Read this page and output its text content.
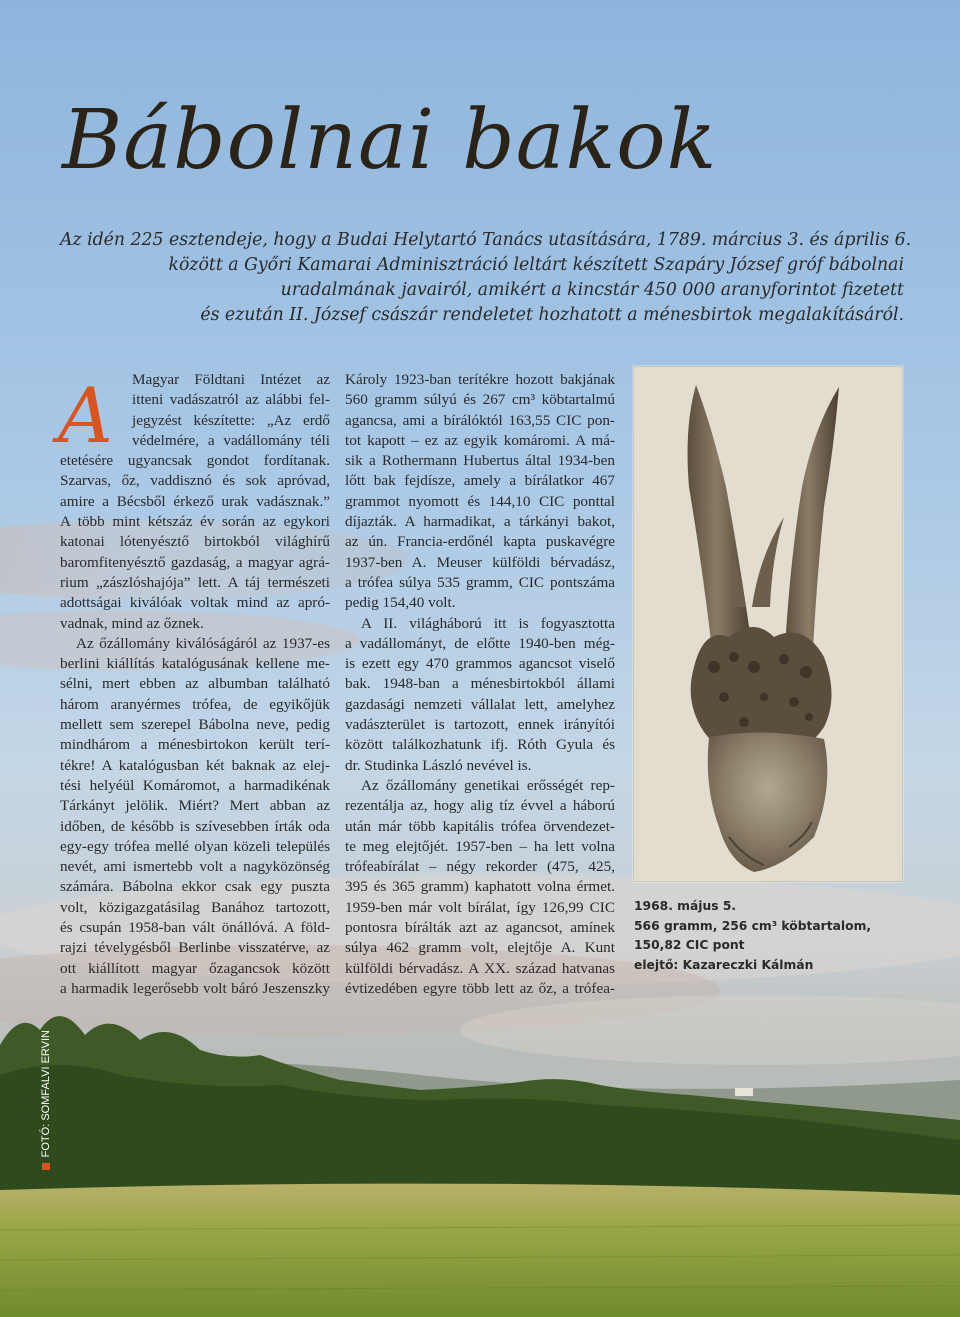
Bábolnai bakok

Az idén 225 esztendeje, hogy a Budai Helytartó Tanács utasítására, 1789. március 3. és április 6.
között a Győri Kamarai Adminisztráció leltárt készített Szapáry József gróf bábolnai
uradalmának javairól, amikért a kincstár 450 000 aranyforintot fizetett
és ezután II. József császár rendeletet hozhatott a ménesbirtok megalakításáról.

A	Magyar Földtani Intézet az
itteni vadászatról az alábbi fel-
jegyzést készítette: „Az erdő
védelmére, a vadállomány téli
etetésére ugyancsak gondot fordítanak.
Szarvas, őz, vaddisznó és sok apróvad,
amire a Bécsből érkező urak vadásznak.”
A több mint kétszáz év során az egykori
katonai lótenyésztő birtokból világhírű
baromfitenyésztő gazdaság, a magyar agrá-
rium „zászlóshajója” lett. A táj természeti
adottságai kiválóak voltak mind az apró-
vadnak, mind az őznek.
Az őzállomány kiválóságáról az 1937-es
berlini kiállítás katalógusának kellene me-
sélni, mert ebben az albumban található
három aranyérmes trófea, de egyikőjük
mellett sem szerepel Bábolna neve, pedig
mindhárom a ménesbirtokon került terí-
tékre! A katalógusban két baknak az elej-
tési helyéül Komáromot, a harmadikénak
Tárkányt jelölik. Miért? Mert abban az
időben, de később is szívesebben írták oda
egy-egy trófea mellé olyan közeli település
nevét, ami ismertebb volt a nagyközönség
számára. Bábolna ekkor csak egy puszta
volt, közigazgatásilag Banához tartozott,
és csupán 1958-ban vált önállóvá. A föld-
rajzi tévelygésből Berlinbe visszatérve, az
ott kiállított magyar őzagancsok között
a harmadik legerősebb volt báró Jeszenszky
Károly 1923-ban terítékre hozott bakjának
560 gramm súlyú és 267 cm³ köbtartalmú
agancsa, ami a bírálóktól 163,55 CIC pon-
tot kapott – ez az egyik komáromi. A má-
sik a Rothermann Hubertus által 1934-ben
lőtt bak fejdísze, amely a bírálatkor 467
grammot nyomott és 144,10 CIC ponttal
díjazták. A harmadikat, a tárkányi bakot,
az ún. Francia-erdőnél kapta puskavégre
1937-ben A. Meuser külföldi bérvadász,
a trófea súlya 535 gramm, CIC pontszáma
pedig 154,40 volt.
A II. világháború itt is fogyasztotta
a vadállományt, de előtte 1940-ben még-
is ezett egy 470 grammos agancsot viselő
bak. 1948-ban a ménesbirtokból állami
gazdasági nemzeti vállalat lett, amelyhez
vadászterület is tartozott, ennek irányítói
között találkozhatunk ifj. Róth Gyula és
dr. Studinka László nevével is.
Az őzállomány genetikai erősségét rep-
rezentálja az, hogy alig tíz évvel a háború
után már több kapitális trófea örvendezet-
te meg elejtőjét. 1957-ben – ha lett volna
trófeabírálat – négy rekorder (475, 425,
395 és 365 gramm) kaphatott volna érmet.
1959-ben már volt bírálat, így 126,99 CIC
pontosra bírálták azt az agancsot, amínek
súlya 462 gramm volt, elejtője A. Kunt
külföldi bérvadász. A XX. század hatvanas
évtizedében egyre több lett az őz, a trófea-

1968. május 5.
566 gramm, 256 cm³ köbtartalom,
150,82 CIC pont
elejtő: Kazareczki Kálmán

FOTÓ: SOMFALVI ERVIN
